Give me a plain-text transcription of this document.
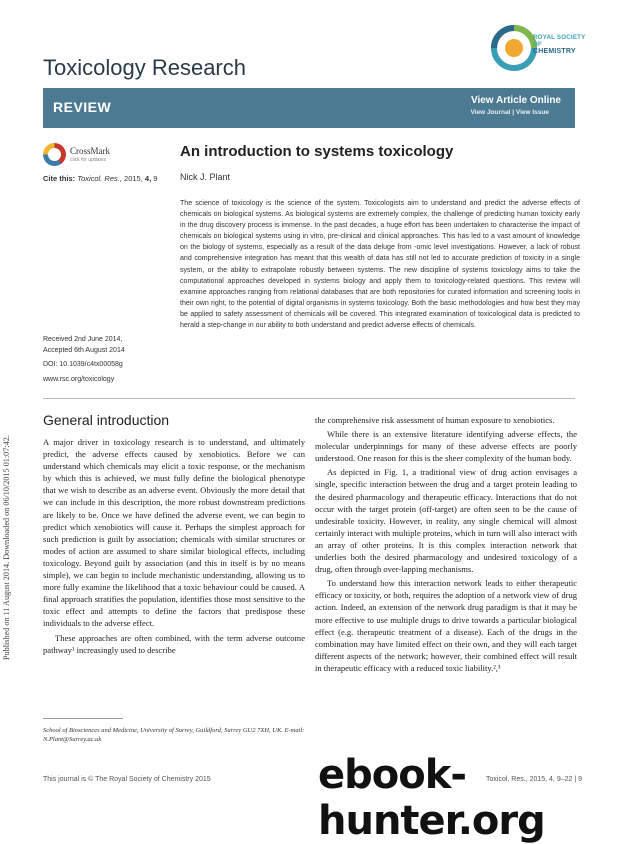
Published on 11 August 2014. Downloaded on 06/10/2015 01:07:42.
ROYAL SOCIETY
OF
CHEMISTRY
Toxicology Research
REVIEW	View Article Online
View Journal | View Issue
CrossMark
click for updates
Cite this: Toxicol. Res., 2015, 4, 9
An introduction to systems toxicology
Nick J. Plant
The science of toxicology is the science of the system. Toxicologists aim to understand and predict the adverse effects of chemicals on biological systems. As biological systems are extremely complex, the challenge of predicting human toxicity early in the drug discovery process is immense. In the past decades, a huge effort has been undertaken to characterise the impact of chemicals on biological systems using in vitro, pre-clinical and clinical approaches. This has led to a vast amount of knowledge on the biology of systems, especially as a result of the data deluge from -omic level investigations. However, a lack of robust and comprehensive integration has meant that this wealth of data has still not led to accurate prediction of toxicity in a single system, or the ability to extrapolate robustly between systems. The new discipline of systems toxicology aims to take the computational approaches developed in systems biology and apply them to toxicology-related questions. This review will examine approaches ranging from relational databases that are both repositories for curated information and screening tools in their own right, to the potential of digital organisms in systems toxicology. Both the basic methodologies and how best they may be applied to safety assessment of chemicals will be covered. This integrated examination of toxicological data is predicted to herald a step-change in our ability to both understand and predict adverse effects of chemicals.
Received 2nd June 2014,
Accepted 6th August 2014
DOI: 10.1039/c4tx00058g
www.rsc.org/toxicology
General introduction

A major driver in toxicology research is to understand, and ultimately predict, the adverse effects caused by xenobiotics. Before we can understand which chemicals may elicit a toxic response, or the mechanism by which this is achieved, we must fully define the biological phenotype that we wish to describe as an adverse event. Obviously the more detail that we can include in this description, the more robust downstream predictions are likely to be. Once we have defined the adverse event, we can begin to predict which xenobiotics will cause it. Perhaps the simplest approach for such prediction is guilt by association; chemicals with similar structures or modes of action are assumed to share similar biological effects, including toxicology. Beyond guilt by association (and this in itself is by no means simple), we can begin to include mechanistic understanding, allowing us to more fully examine the likelihood that a toxic behaviour could be caused. A final approach stratifies the population, identifies those most sensitive to the toxic effect and attempts to define the factors that predispose these individuals to the adverse effect.

These approaches are often combined, with the term adverse outcome pathway¹ increasingly used to describe

the comprehensive risk assessment of human exposure to xenobiotics.

While there is an extensive literature identifying adverse effects, the molecular underpinnings for many of these adverse effects are poorly understood. One reason for this is the sheer complexity of the human body.

As depicted in Fig. 1, a traditional view of drug action envisages a single, specific interaction between the drug and a target protein leading to the desired pharmacology and therapeutic efficacy. Interactions that do not occur with the target protein (off-target) are often seen to be the cause of undesirable toxicity. However, in reality, any single chemical will almost certainly interact with multiple proteins, which in turn will also interact with an array of other proteins. It is this complex interaction network that underlies both the desired pharmacology and undesired toxicology of a drug, often through over-lapping mechanisms.

To understand how this interaction network leads to either therapeutic efficacy or toxicity, or both, requires the adoption of a network view of drug action. Indeed, an extension of the network drug paradigm is that it may be more effective to use multiple drugs to drive towards a particular biological effect (e.g. therapeutic treatment of a disease). Each of the drugs in the combination may have limited effect on their own, and they will each target different aspects of the network; however, their combined effect will result in therapeutic efficacy with a reduced toxic liability.²,³

School of Biosciences and Medicine, University of Surrey, Guildford, Surrey GU2 7XH, UK. E-mail: N.Plant@Surrey.ac.uk
This journal is © The Royal Society of Chemistry 2015	Toxicol. Res., 2015, 4, 9–22 | 9
ebook-hunter.org
